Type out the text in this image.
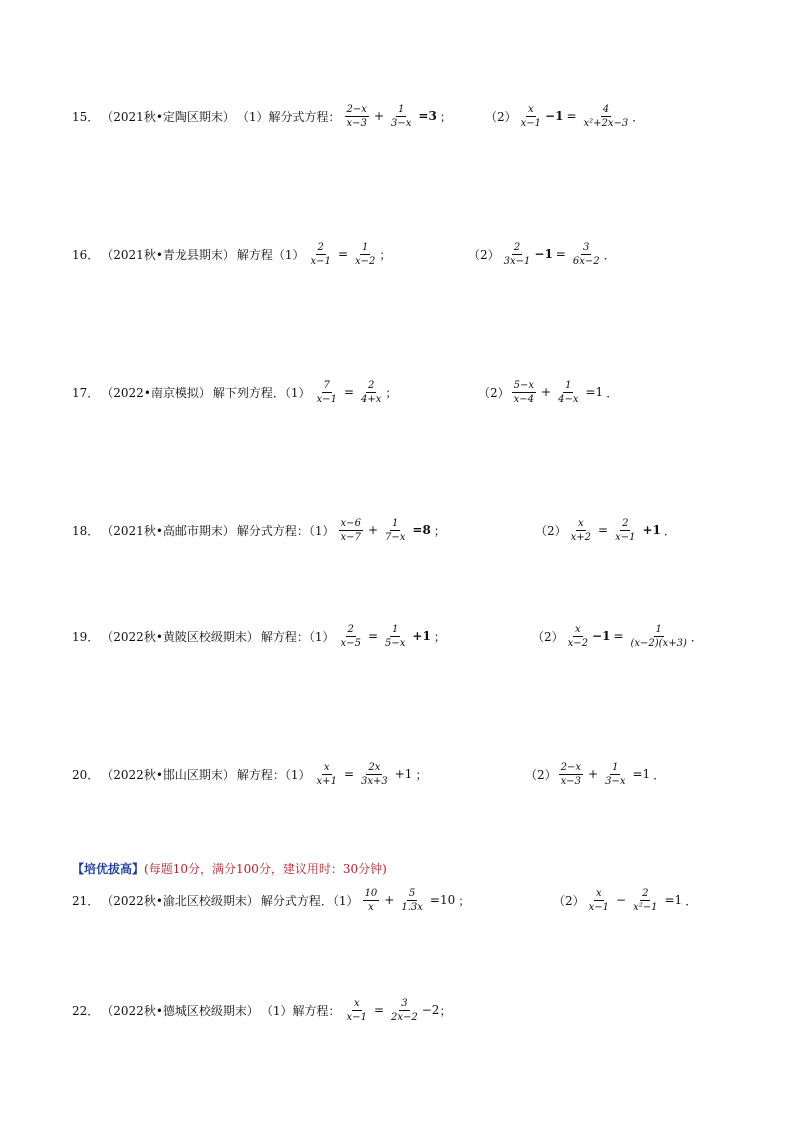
15． （2021秋•定陶区期末） （1）解分式方程： $\frac{2-x}{x-3} + \frac{1}{3-x} =3$ ；	$(2) \frac{x}{x-1} -1 = \frac{4}{\text{x²+2x−3}}$ ．
16． （2021秋•青龙县期末） 解方程$(1) \frac{2}{x-1} = \frac{1}{x-2}$ ；	$(2) \frac{2}{3x-1} -1 = \frac{3}{6x-2}$ ．
17． （2022•南京模拟） 解下列方程．$(1) \frac{7}{x-1} = \frac{2}{4+x}$ ；	$(2) \frac{5-x}{x-4} + \frac{1}{4-x} =1$ ．
18． （2021秋•高邮市期末） 解分式方程：$(1) \frac{x-6}{x-7} + \frac{1}{7-x} =8$ ；	$(2) \frac{x}{x+2} = \frac{2}{x-1} +1$ ．
19． （2022秋•黄陂区校级期末） 解方程：$(1) \frac{2}{x-5} = \frac{1}{5-x} +1$ ；	$(2) \frac{x}{x-2} -1 = \frac{1}{(x-2)(x+3)}$ ．
20． （2022秋•邯山区期末） 解方程：$(1) \frac{x}{x+1} = \frac{2x}{3x+3} +1$ ；	$(2) \frac{2-x}{x-3} + \frac{1}{3-x} =1$ ．
【培优拔高】(每题10分，满分100分，建议用时：30分钟)
21． （2022秋•渝北区校级期末） 解分式方程．$(1) \frac{10}{x} + \frac{5}{1.3x} =10$ ；	$(2) \frac{x}{x-1} - \frac{2}{\text{x²−1}} =1$ ．
22． （2022秋•德城区校级期末） （1）解方程： $\frac{x}{x-1} = \frac{3}{2x-2} -2$ ；
